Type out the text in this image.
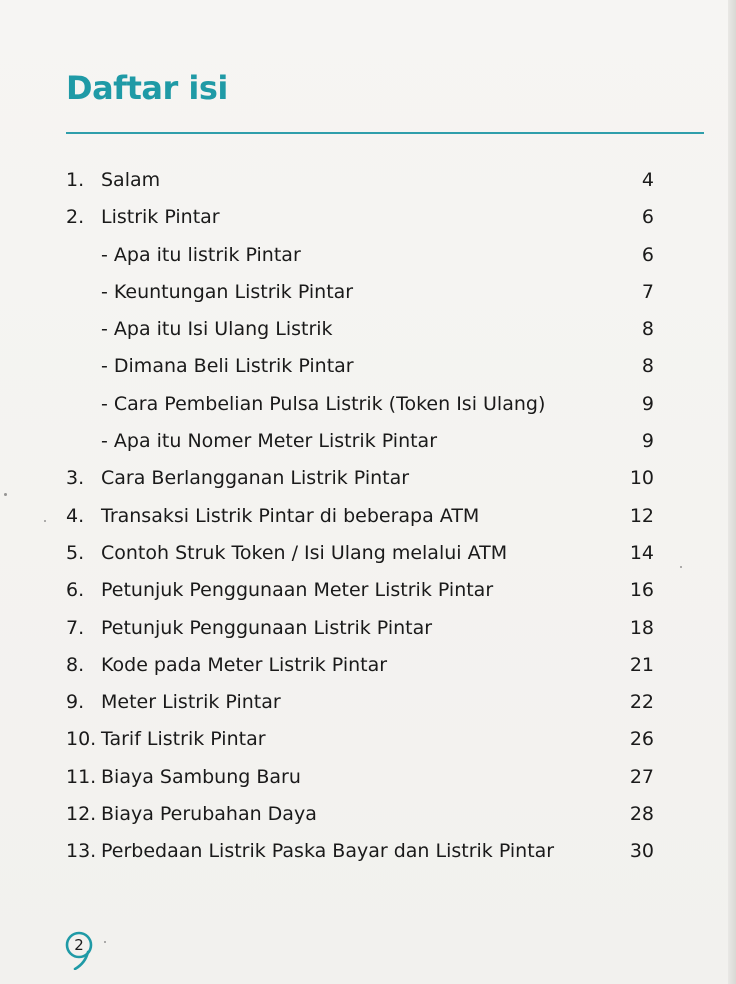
Daftar isi
1. Salam	4
2. Listrik Pintar	6
- Apa itu listrik Pintar	6
- Keuntungan Listrik Pintar	7
- Apa itu Isi Ulang Listrik	8
- Dimana Beli Listrik Pintar	8
- Cara Pembelian Pulsa Listrik (Token Isi Ulang)	9
- Apa itu Nomer Meter Listrik Pintar	9
3. Cara Berlangganan Listrik Pintar	10
4. Transaksi Listrik Pintar di beberapa ATM	12
5. Contoh Struk Token / Isi Ulang melalui ATM	14
6. Petunjuk Penggunaan Meter Listrik Pintar	16
7. Petunjuk Penggunaan Listrik Pintar	18
8. Kode pada Meter Listrik Pintar	21
9. Meter Listrik Pintar	22
10. Tarif Listrik Pintar	26
11. Biaya Sambung Baru	27
12. Biaya Perubahan Daya	28
13. Perbedaan Listrik Paska Bayar dan Listrik Pintar	30
2
